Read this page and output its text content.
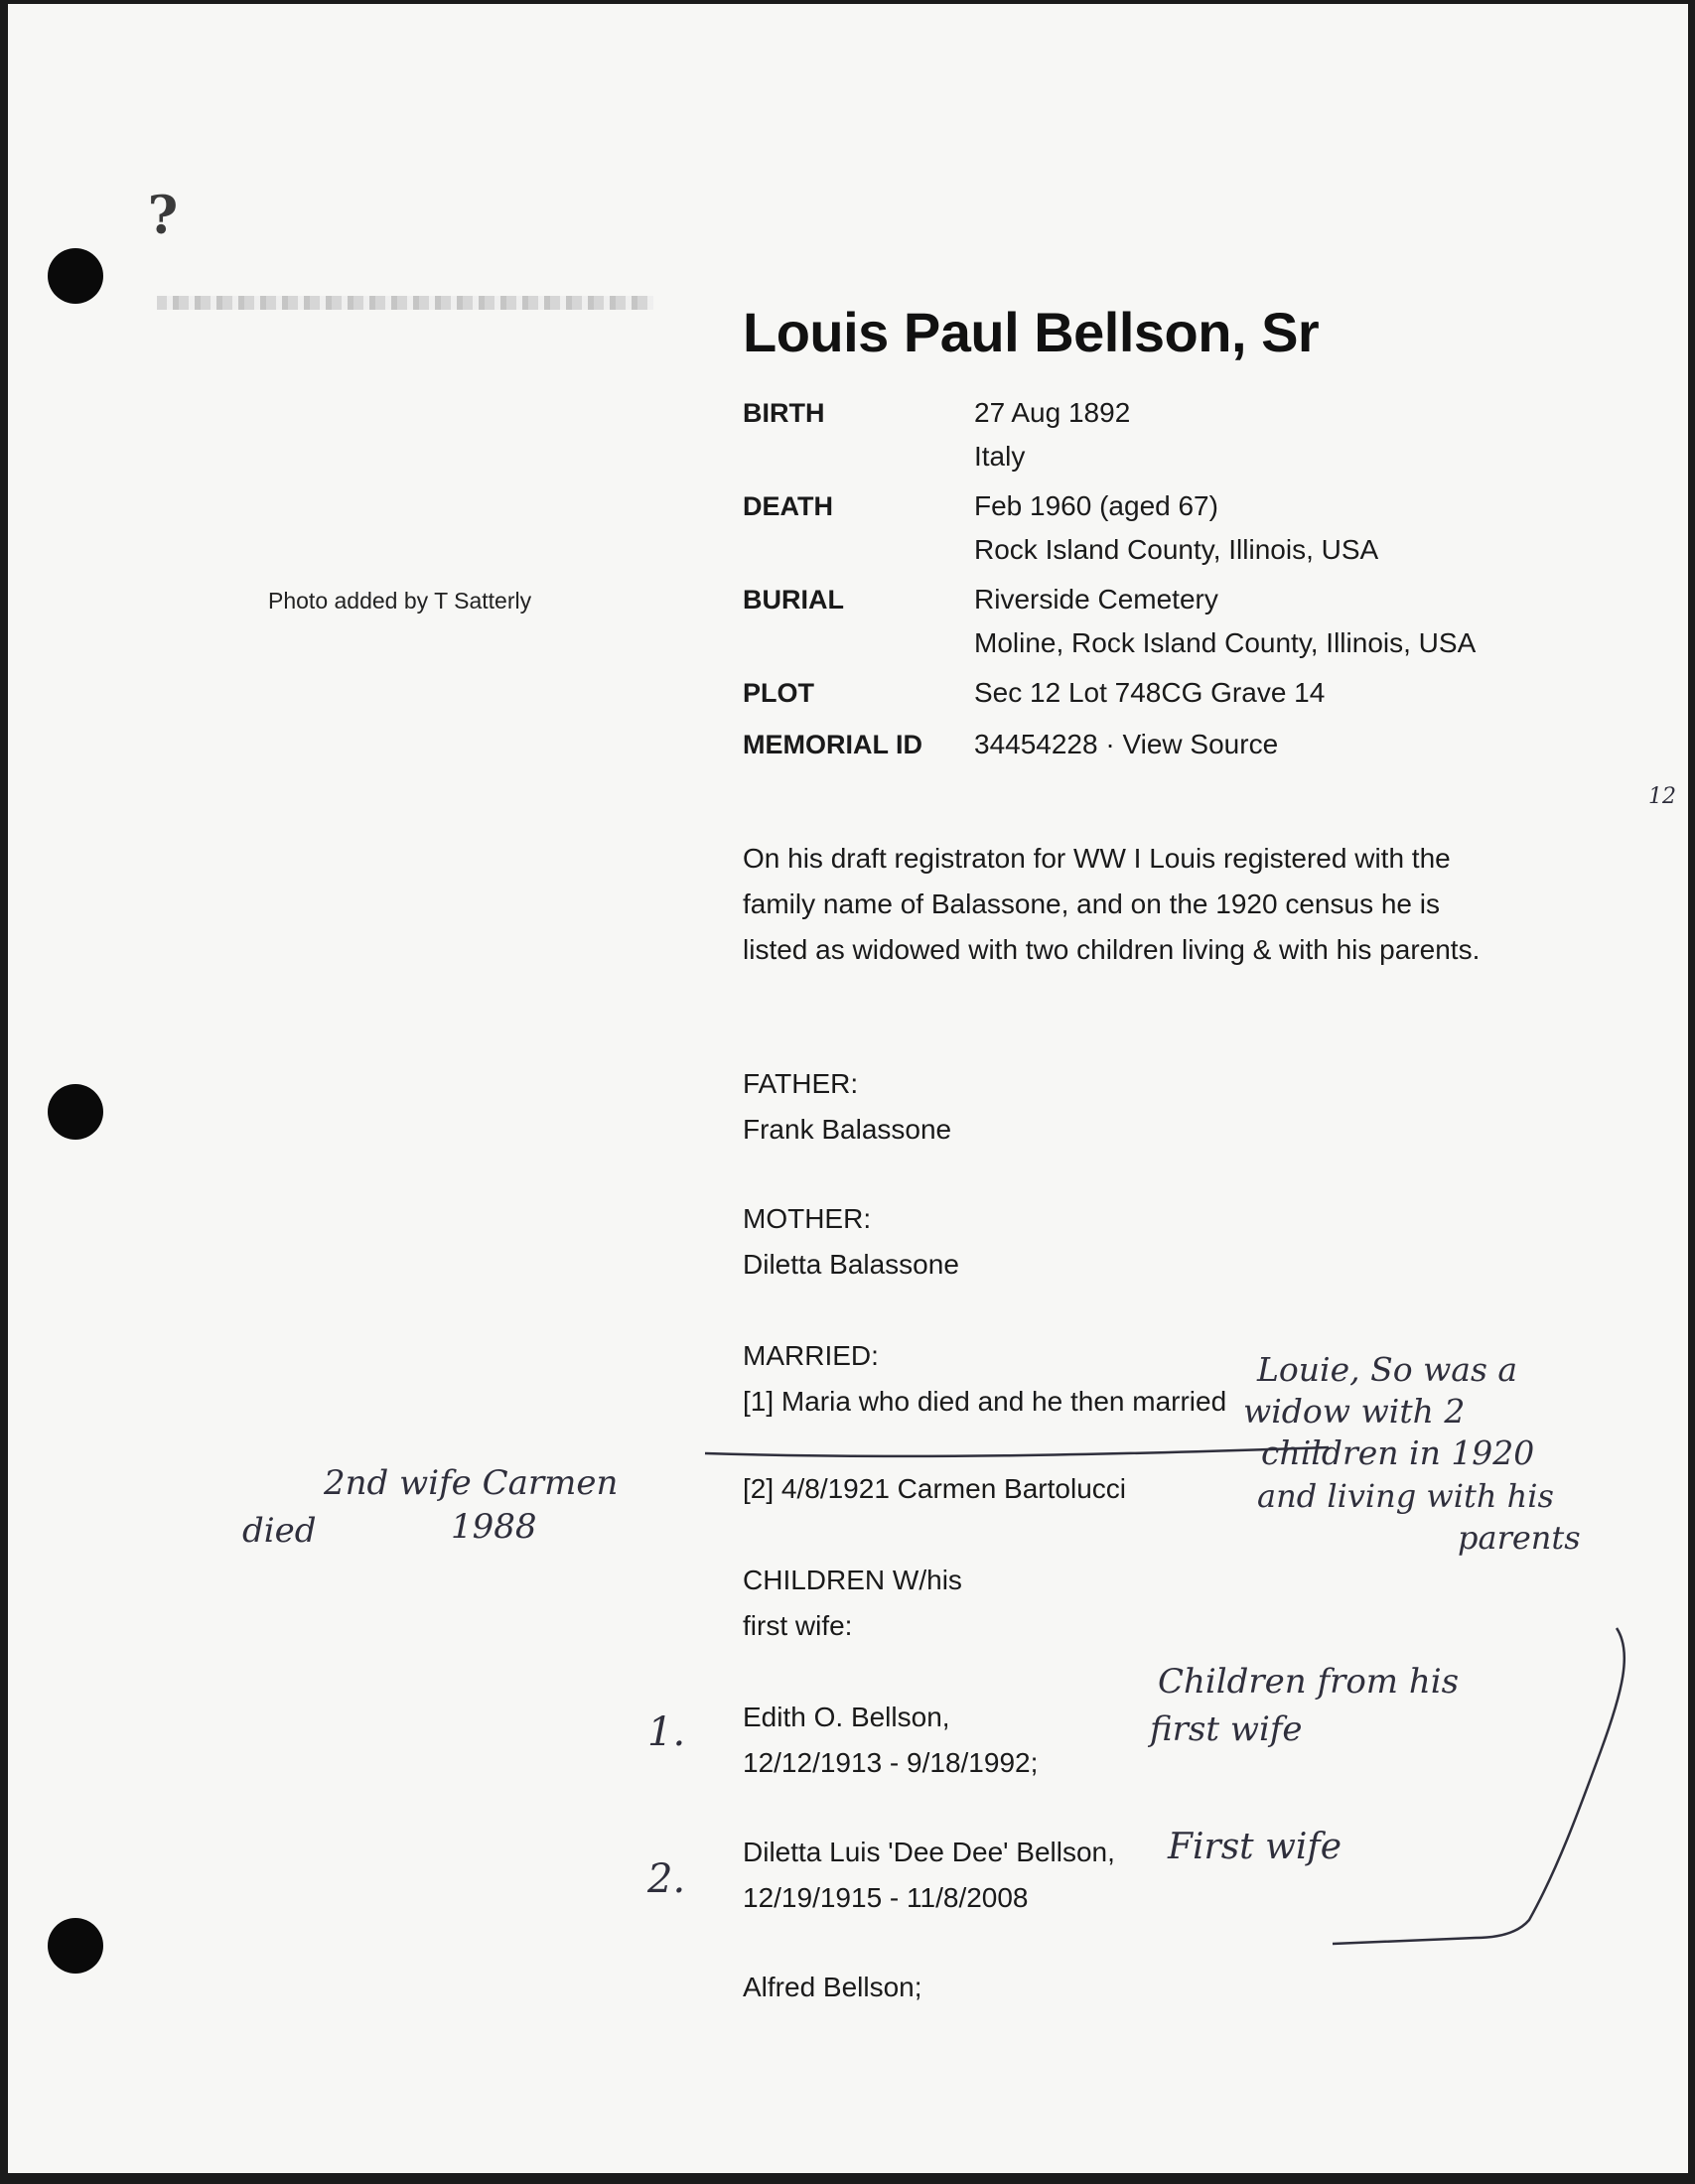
?
Photo added by T Satterly
Louis Paul Bellson, Sr
BIRTH	27 Aug 1892
Italy
DEATH	Feb 1960 (aged 67)
Rock Island County, Illinois, USA
BURIAL	Riverside Cemetery
Moline, Rock Island County, Illinois, USA
PLOT	Sec 12 Lot 748CG Grave 14
MEMORIAL ID 34454228 · View Source

On his draft registraton for WW I Louis registered with the family name of Balassone, and on the 1920 census he is listed as widowed with two children living & with his parents.

FATHER:
Frank Balassone
MOTHER:
Diletta Balassone
MARRIED:
[1] Maria who died and he then married
[2] 4/8/1921 Carmen Bartolucci
CHILDREN W/his
first wife:
Edith O. Bellson,
12/12/1913 - 9/18/1992;
Diletta Luis 'Dee Dee' Bellson,
12/19/1915 - 11/8/2008
Alfred Bellson;
12
Louie, So was a
widow with 2
children in 1920
and living with his
parents
2nd wife Carmen
died	1988
Children from his
first wife
First wife
1.
2.
